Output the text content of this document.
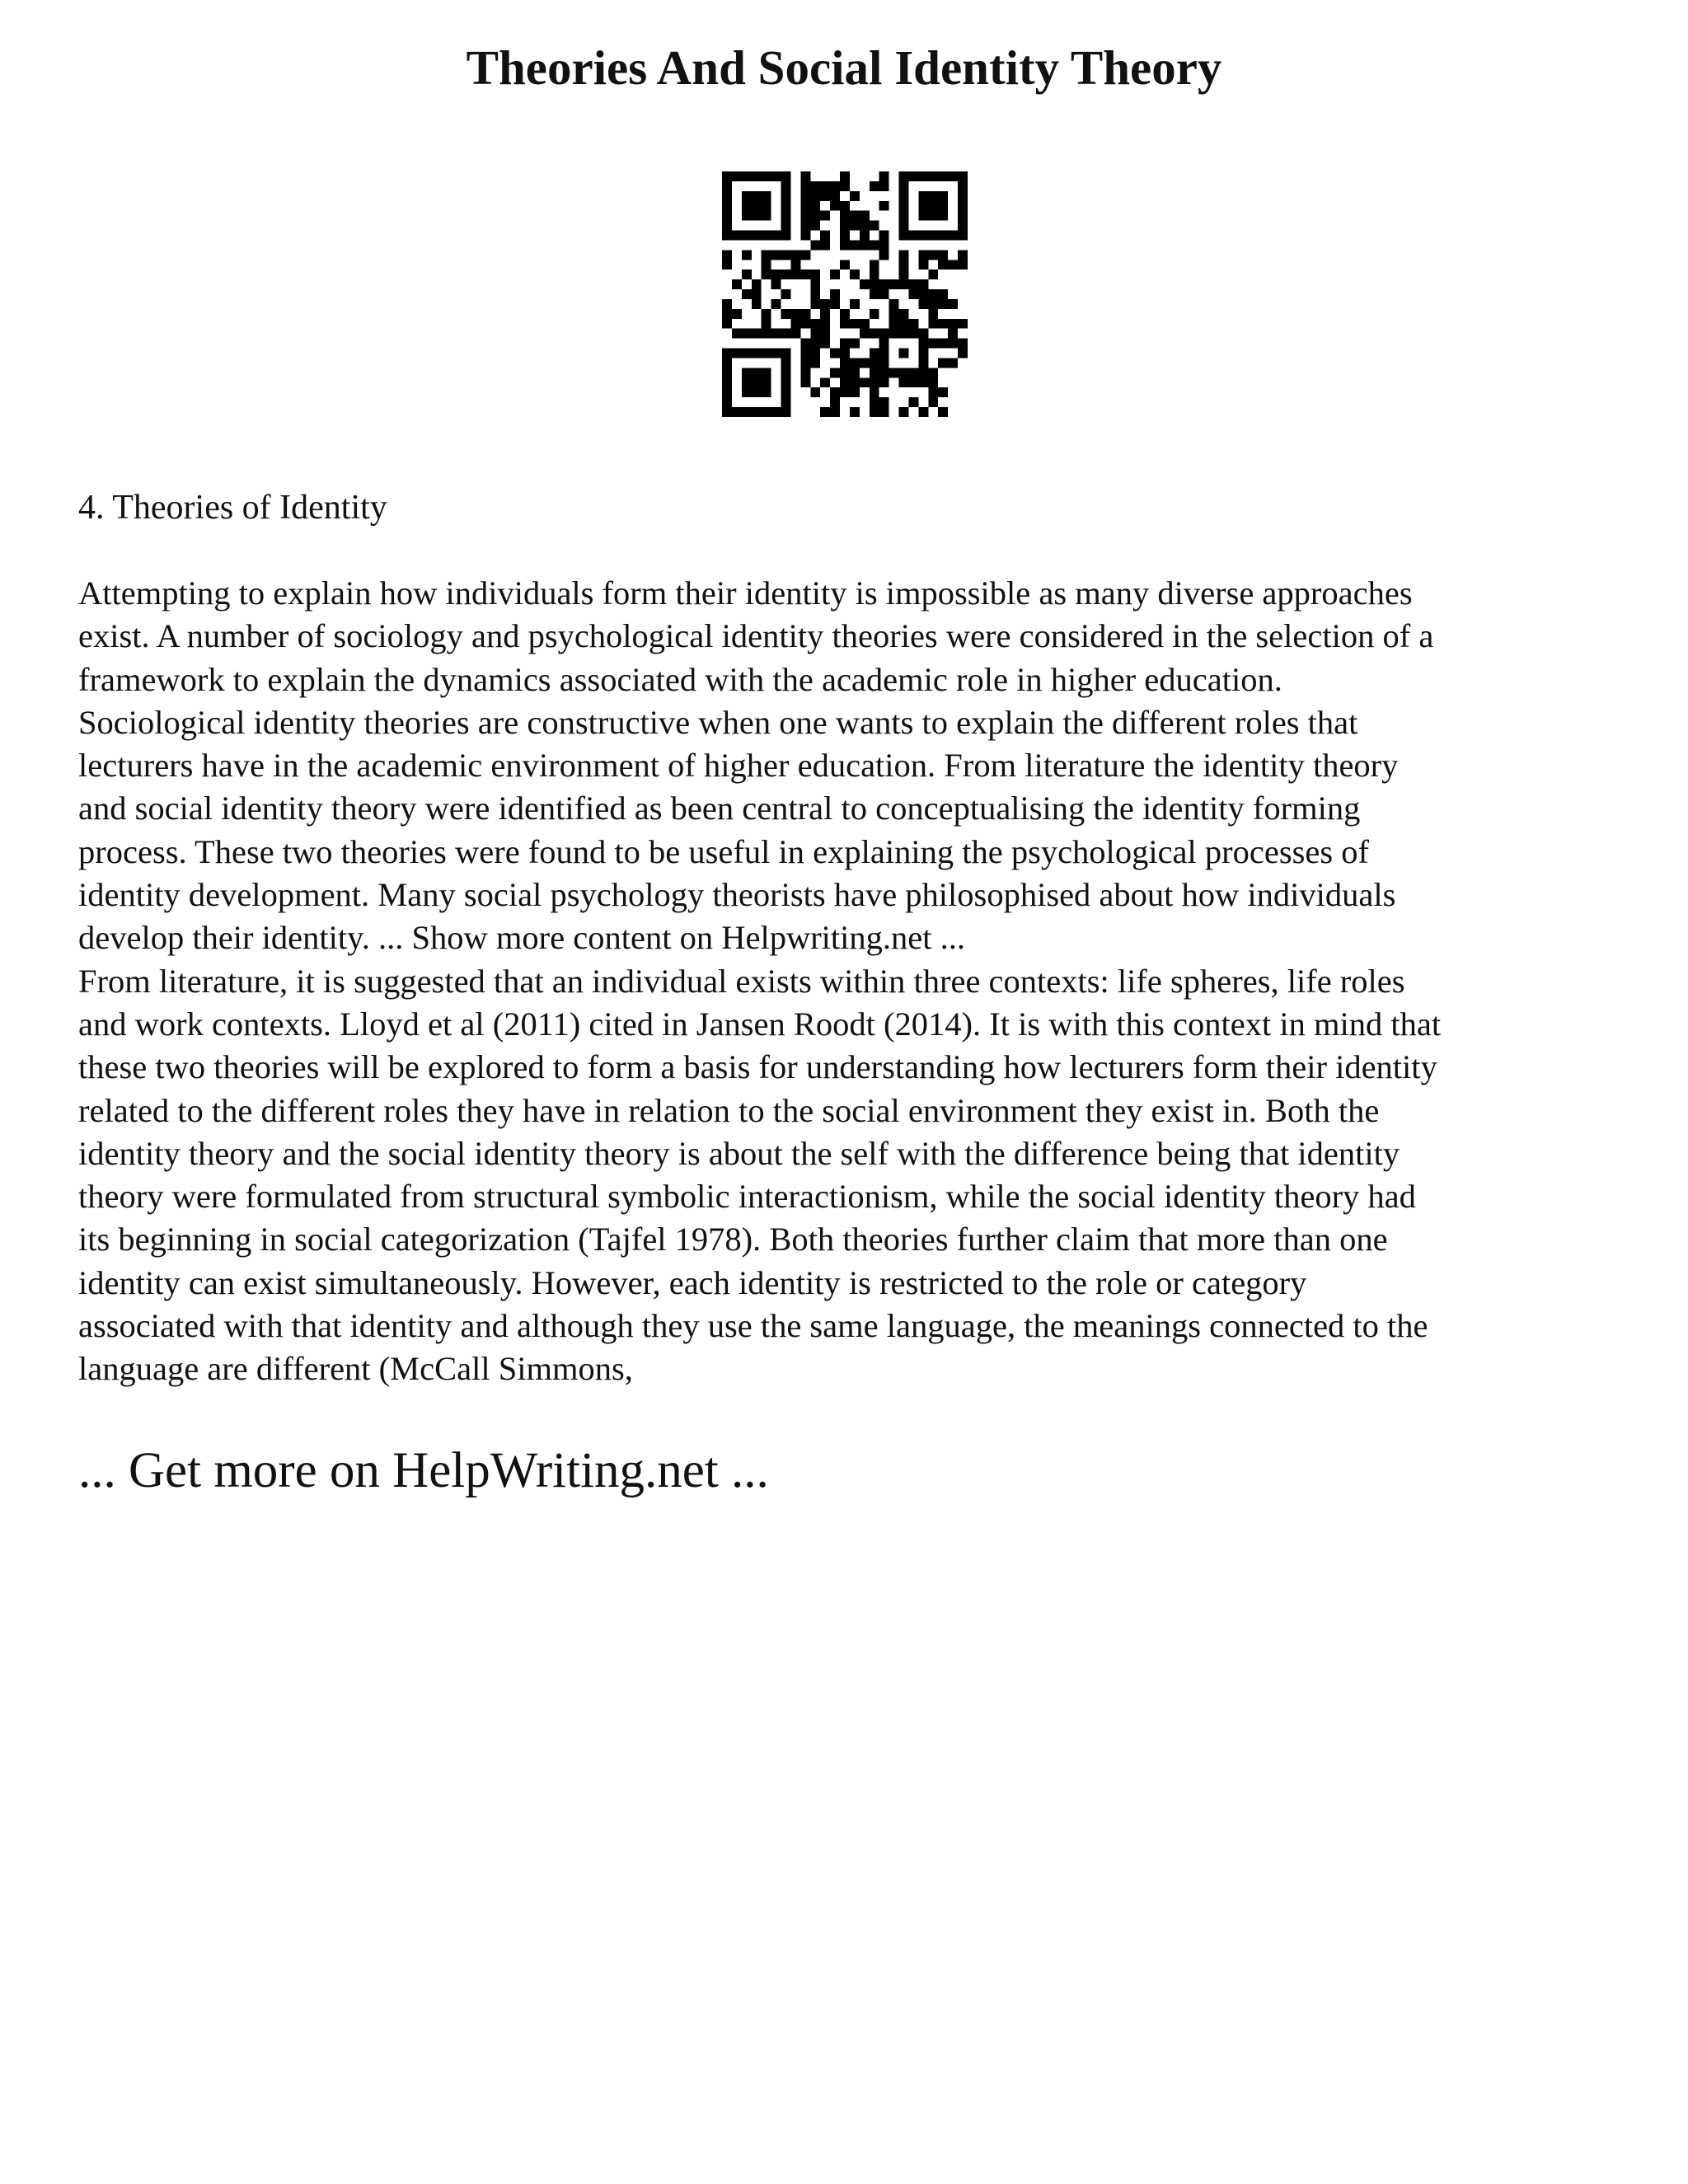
Theories And Social Identity Theory
4. Theories of Identity
Attempting to explain how individuals form their identity is impossible as many diverse approaches
exist. A number of sociology and psychological identity theories were considered in the selection of a
framework to explain the dynamics associated with the academic role in higher education.
Sociological identity theories are constructive when one wants to explain the different roles that
lecturers have in the academic environment of higher education. From literature the identity theory
and social identity theory were identified as been central to conceptualising the identity forming
process. These two theories were found to be useful in explaining the psychological processes of
identity development. Many social psychology theorists have philosophised about how individuals
develop their identity. ... Show more content on Helpwriting.net ...
From literature, it is suggested that an individual exists within three contexts: life spheres, life roles
and work contexts. Lloyd et al (2011) cited in Jansen Roodt (2014). It is with this context in mind that
these two theories will be explored to form a basis for understanding how lecturers form their identity
related to the different roles they have in relation to the social environment they exist in. Both the
identity theory and the social identity theory is about the self with the difference being that identity
theory were formulated from structural symbolic interactionism, while the social identity theory had
its beginning in social categorization (Tajfel 1978). Both theories further claim that more than one
identity can exist simultaneously. However, each identity is restricted to the role or category
associated with that identity and although they use the same language, the meanings connected to the
language are different (McCall Simmons,
... Get more on HelpWriting.net ...
